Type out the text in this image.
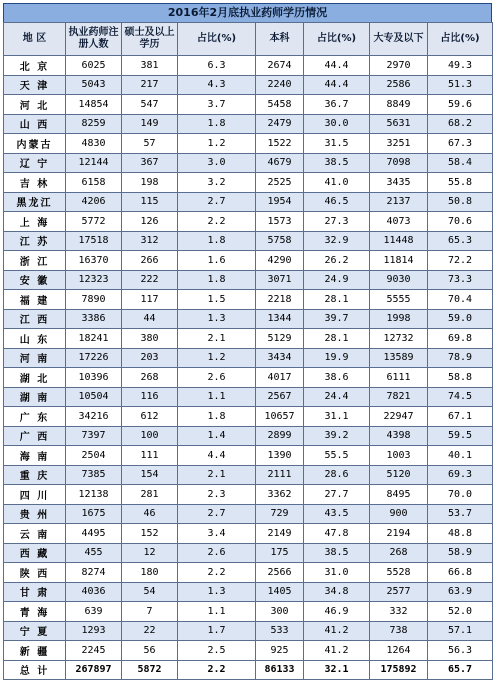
2016年2月底执业药师学历情况
地 区	执业药师注册人数	硕士及以上学历	占比(%)	本科	占比(%)	大专及以下	占比(%)
北 京	6025	381	6.3	2674	44.4	2970	49.3
天 津	5043	217	4.3	2240	44.4	2586	51.3
河 北	14854	547	3.7	5458	36.7	8849	59.6
山 西	8259	149	1.8	2479	30.0	5631	68.2
内蒙古	4830	57	1.2	1522	31.5	3251	67.3
辽 宁	12144	367	3.0	4679	38.5	7098	58.4
吉 林	6158	198	3.2	2525	41.0	3435	55.8
黑龙江	4206	115	2.7	1954	46.5	2137	50.8
上 海	5772	126	2.2	1573	27.3	4073	70.6
江 苏	17518	312	1.8	5758	32.9	11448	65.3
浙 江	16370	266	1.6	4290	26.2	11814	72.2
安 徽	12323	222	1.8	3071	24.9	9030	73.3
福 建	7890	117	1.5	2218	28.1	5555	70.4
江 西	3386	44	1.3	1344	39.7	1998	59.0
山 东	18241	380	2.1	5129	28.1	12732	69.8
河 南	17226	203	1.2	3434	19.9	13589	78.9
湖 北	10396	268	2.6	4017	38.6	6111	58.8
湖 南	10504	116	1.1	2567	24.4	7821	74.5
广 东	34216	612	1.8	10657	31.1	22947	67.1
广 西	7397	100	1.4	2899	39.2	4398	59.5
海 南	2504	111	4.4	1390	55.5	1003	40.1
重 庆	7385	154	2.1	2111	28.6	5120	69.3
四 川	12138	281	2.3	3362	27.7	8495	70.0
贵 州	1675	46	2.7	729	43.5	900	53.7
云 南	4495	152	3.4	2149	47.8	2194	48.8
西 藏	455	12	2.6	175	38.5	268	58.9
陕 西	8274	180	2.2	2566	31.0	5528	66.8
甘 肃	4036	54	1.3	1405	34.8	2577	63.9
青 海	639	7	1.1	300	46.9	332	52.0
宁 夏	1293	22	1.7	533	41.2	738	57.1
新 疆	2245	56	2.5	925	41.2	1264	56.3
总 计	267897	5872	2.2	86133	32.1	175892	65.7
